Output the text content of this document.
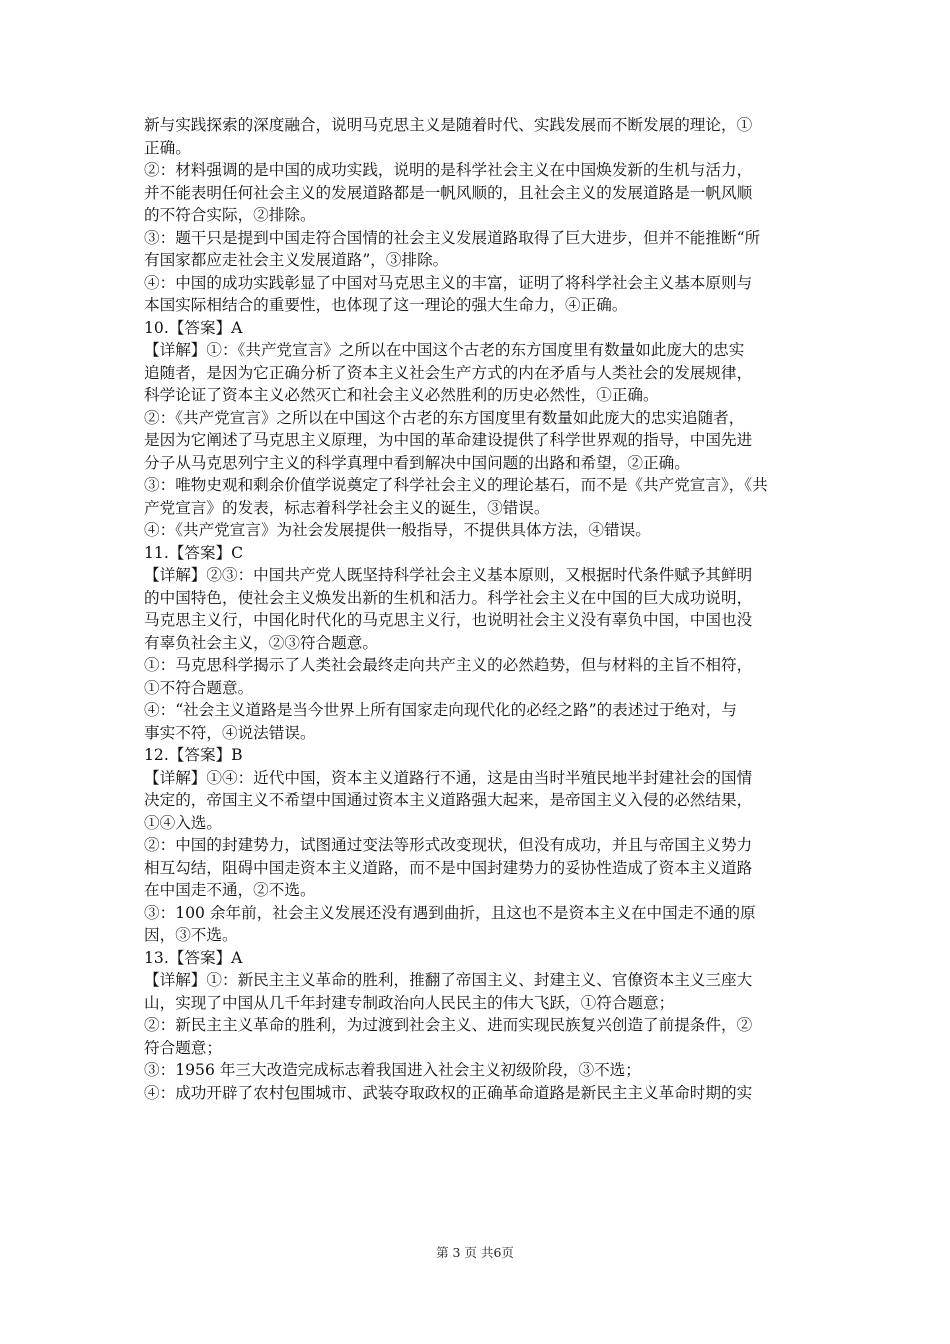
新与实践探索的深度融合，说明马克思主义是随着时代、实践发展而不断发展的理论，①
正确。
②：材料强调的是中国的成功实践，说明的是科学社会主义在中国焕发新的生机与活力，
并不能表明任何社会主义的发展道路都是一帆风顺的，且社会主义的发展道路是一帆风顺
的不符合实际，②排除。
③：题干只是提到中国走符合国情的社会主义发展道路取得了巨大进步，但并不能推断“所
有国家都应走社会主义发展道路”，③排除。
④：中国的成功实践彰显了中国对马克思主义的丰富，证明了将科学社会主义基本原则与
本国实际相结合的重要性，也体现了这一理论的强大生命力，④正确。
10.【答案】A
【详解】①：《共产党宣言》之所以在中国这个古老的东方国度里有数量如此庞大的忠实
追随者，是因为它正确分析了资本主义社会生产方式的内在矛盾与人类社会的发展规律，
科学论证了资本主义必然灭亡和社会主义必然胜利的历史必然性，①正确。
②：《共产党宣言》之所以在中国这个古老的东方国度里有数量如此庞大的忠实追随者，
是因为它阐述了马克思主义原理，为中国的革命建设提供了科学世界观的指导，中国先进
分子从马克思列宁主义的科学真理中看到解决中国问题的出路和希望，②正确。
③：唯物史观和剩余价值学说奠定了科学社会主义的理论基石，而不是《共产党宣言》，《共
产党宣言》的发表，标志着科学社会主义的诞生，③错误。
④：《共产党宣言》为社会发展提供一般指导，不提供具体方法，④错误。
11.【答案】C
【详解】②③：中国共产党人既坚持科学社会主义基本原则，又根据时代条件赋予其鲜明
的中国特色，使社会主义焕发出新的生机和活力。科学社会主义在中国的巨大成功说明，
马克思主义行，中国化时代化的马克思主义行，也说明社会主义没有辜负中国，中国也没
有辜负社会主义，②③符合题意。
①：马克思科学揭示了人类社会最终走向共产主义的必然趋势，但与材料的主旨不相符，
①不符合题意。
④：“社会主义道路是当今世界上所有国家走向现代化的必经之路”的表述过于绝对，与
事实不符，④说法错误。
12.【答案】B
【详解】①④：近代中国，资本主义道路行不通，这是由当时半殖民地半封建社会的国情
决定的，帝国主义不希望中国通过资本主义道路强大起来，是帝国主义入侵的必然结果，
①④入选。
②：中国的封建势力，试图通过变法等形式改变现状，但没有成功，并且与帝国主义势力
相互勾结，阻碍中国走资本主义道路，而不是中国封建势力的妥协性造成了资本主义道路
在中国走不通，②不选。
③：100 余年前，社会主义发展还没有遇到曲折，且这也不是资本主义在中国走不通的原
因，③不选。
13.【答案】A
【详解】①：新民主主义革命的胜利，推翻了帝国主义、封建主义、官僚资本主义三座大
山，实现了中国从几千年封建专制政治向人民民主的伟大飞跃，①符合题意；
②：新民主主义革命的胜利，为过渡到社会主义、进而实现民族复兴创造了前提条件，②
符合题意；
③：1956 年三大改造完成标志着我国进入社会主义初级阶段，③不选；
④：成功开辟了农村包围城市、武装夺取政权的正确革命道路是新民主主义革命时期的实
第 3 页 共6页
